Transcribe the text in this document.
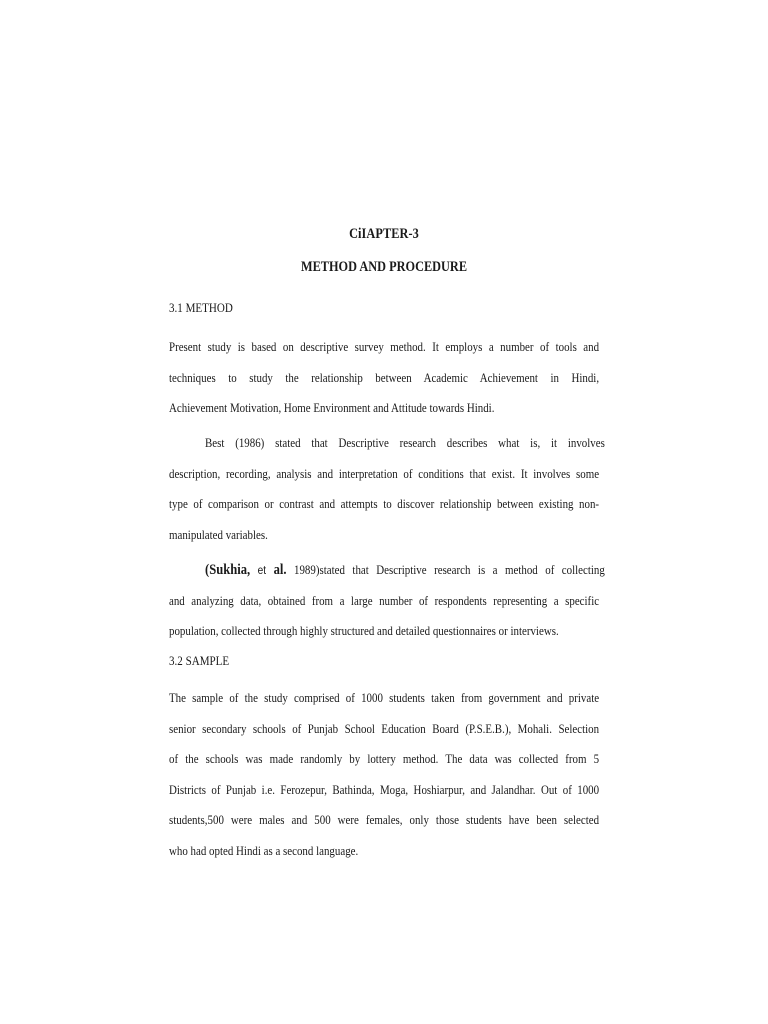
CiIAPTER-3
METHOD AND PROCEDURE
3.1 METHOD
Present study is based on descriptive survey method. It employs a number of tools and
techniques to study the relationship between Academic Achievement in Hindi,
Achievement Motivation, Home Environment and Attitude towards Hindi.
Best (1986) stated that Descriptive research describes what is, it involves
description, recording, analysis and interpretation of conditions that exist. It involves some
type of comparison or contrast and attempts to discover relationship between existing non-
manipulated variables.
(Sukhia, et al. 1989)stated that Descriptive research is a method of collecting
and analyzing data, obtained from a large number of respondents representing a specific
population, collected through highly structured and detailed questionnaires or interviews.
3.2 SAMPLE
The sample of the study comprised of 1000 students taken from government and private
senior secondary schools of Punjab School Education Board (P.S.E.B.), Mohali. Selection
of the schools was made randomly by lottery method. The data was collected from 5
Districts of Punjab i.e. Ferozepur, Bathinda, Moga, Hoshiarpur, and Jalandhar. Out of 1000
students,500 were males and 500 were females, only those students have been selected
who had opted Hindi as a second language.
